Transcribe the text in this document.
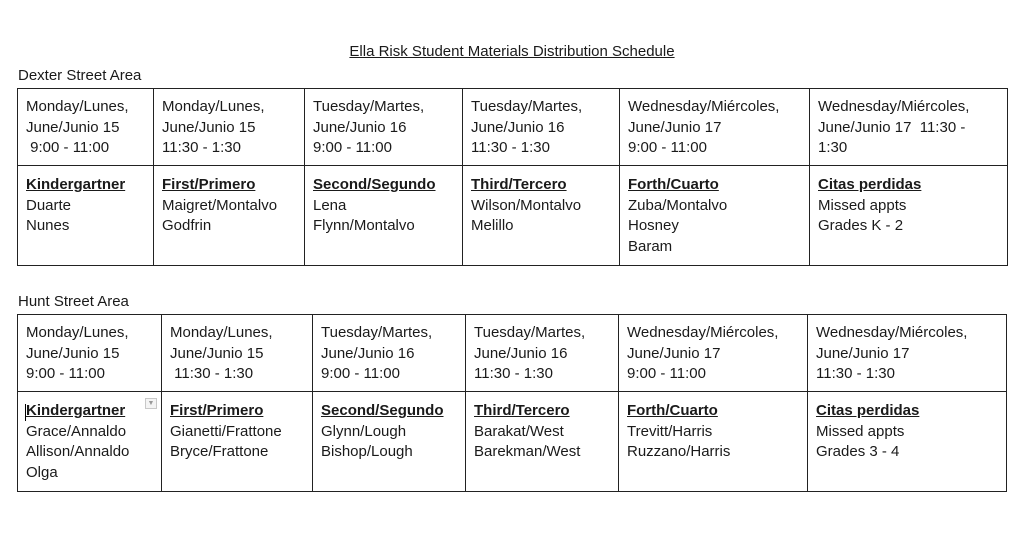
Ella Risk Student Materials Distribution Schedule
Dexter Street Area
Monday/Lunes,
June/Junio 15
9:00 - 11:00	Monday/Lunes,
June/Junio 15
11:30 - 1:30	Tuesday/Martes,
June/Junio 16
9:00 - 11:00	Tuesday/Martes,
June/Junio 16
11:30 - 1:30	Wednesday/Miércoles,
June/Junio 17
9:00 - 11:00	Wednesday/Miércoles,
June/Junio 17  11:30 -
1:30

Kindergartner
Duarte
Nunes	First/Primero
Maigret/Montalvo
Godfrin	Second/Segundo
Lena
Flynn/Montalvo	Third/Tercero
Wilson/Montalvo
Melillo	Forth/Cuarto
Zuba/Montalvo
Hosney
Baram	Citas perdidas
Missed appts
Grades K - 2
Hunt Street Area
Monday/Lunes,
June/Junio 15
9:00 - 11:00	Monday/Lunes,
June/Junio 15
11:30 - 1:30	Tuesday/Martes,
June/Junio 16
9:00 - 11:00	Tuesday/Martes,
June/Junio 16
11:30 - 1:30	Wednesday/Miércoles,
June/Junio 17
9:00 - 11:00	Wednesday/Miércoles,
June/Junio 17
11:30 - 1:30

Kindergartner
Grace/Annaldo
Allison/Annaldo
Olga	First/Primero
Gianetti/Frattone
Bryce/Frattone	Second/Segundo
Glynn/Lough
Bishop/Lough	Third/Tercero
Barakat/West
Barekman/West	Forth/Cuarto
Trevitt/Harris
Ruzzano/Harris	Citas perdidas
Missed appts
Grades 3 - 4
▼
